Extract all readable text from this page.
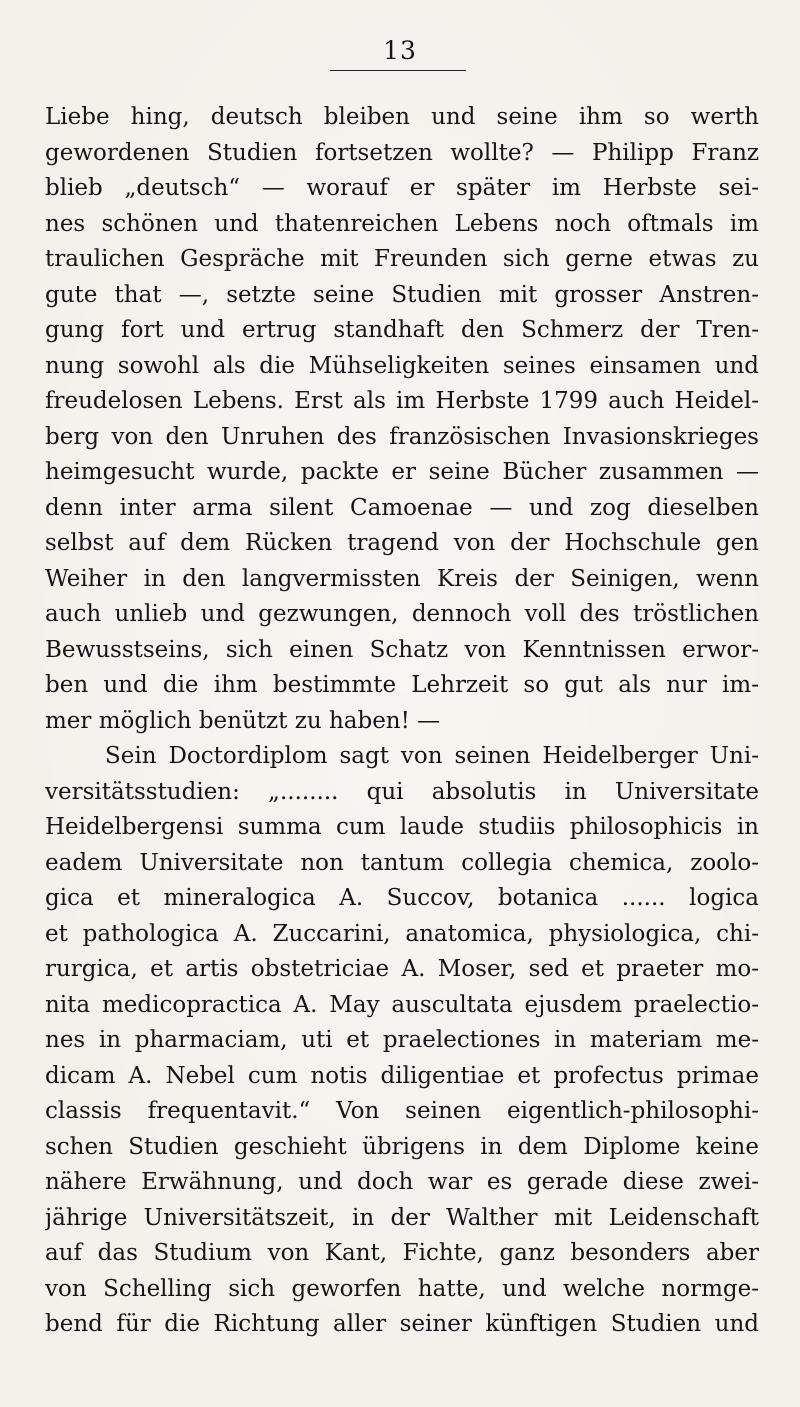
13
Liebe hing, deutsch bleiben und seine ihm so werth
gewordenen Studien fortsetzen wollte? — Philipp Franz
blieb „deutsch“ — worauf er später im Herbste sei-
nes schönen und thatenreichen Lebens noch oftmals im
traulichen Gespräche mit Freunden sich gerne etwas zu
gute that —, setzte seine Studien mit grosser Anstren-
gung fort und ertrug standhaft den Schmerz der Tren-
nung sowohl als die Mühseligkeiten seines einsamen und
freudelosen Lebens. Erst als im Herbste 1799 auch Heidel-
berg von den Unruhen des französischen Invasionskrieges
heimgesucht wurde, packte er seine Bücher zusammen —
denn inter arma silent Camoenae — und zog dieselben
selbst auf dem Rücken tragend von der Hochschule gen
Weiher in den langvermissten Kreis der Seinigen, wenn
auch unlieb und gezwungen, dennoch voll des tröstlichen
Bewusstseins, sich einen Schatz von Kenntnissen erwor-
ben und die ihm bestimmte Lehrzeit so gut als nur im-
mer möglich benützt zu haben! —
Sein Doctordiplom sagt von seinen Heidelberger Uni-
versitätsstudien: „........ qui absolutis in Universitate
Heidelbergensi summa cum laude studiis philosophicis in
eadem Universitate non tantum collegia chemica, zoolo-
gica et mineralogica A. Succov, botanica ...... logica
et pathologica A. Zuccarini, anatomica, physiologica, chi-
rurgica, et artis obstetriciae A. Moser, sed et praeter mo-
nita medicopractica A. May auscultata ejusdem praelectio-
nes in pharmaciam, uti et praelectiones in materiam me-
dicam A. Nebel cum notis diligentiae et profectus primae
classis frequentavit.“ Von seinen eigentlich-philosophi-
schen Studien geschieht übrigens in dem Diplome keine
nähere Erwähnung, und doch war es gerade diese zwei-
jährige Universitätszeit, in der Walther mit Leidenschaft
auf das Studium von Kant, Fichte, ganz besonders aber
von Schelling sich geworfen hatte, und welche normge-
bend für die Richtung aller seiner künftigen Studien und
